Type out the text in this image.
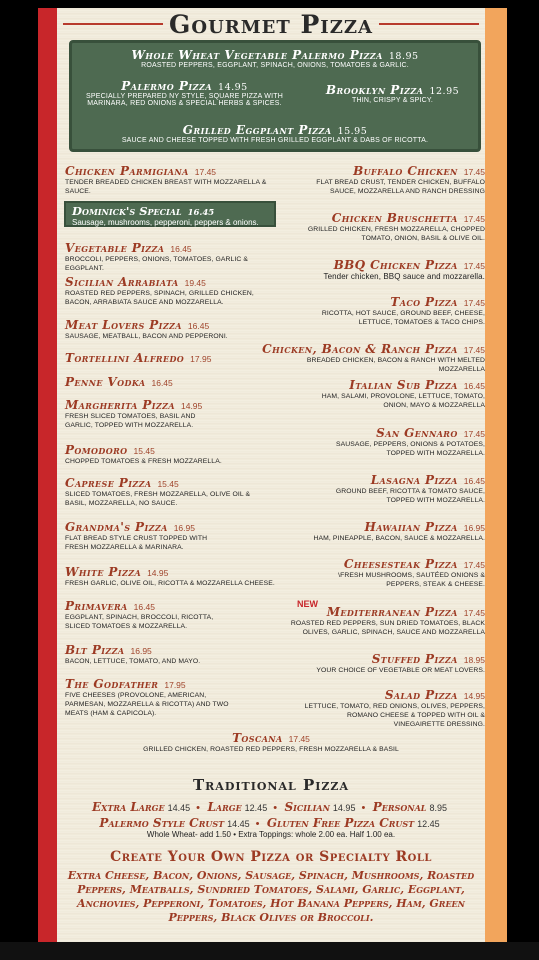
Gourmet Pizza
Whole Wheat Vegetable Palermo Pizza 18.95
ROASTED PEPPERS, EGGPLANT, SPINACH, ONIONS, TOMATOES & GARLIC.
Palermo Pizza 14.95
SPECIALLY PREPARED NY STYLE, SQUARE PIZZA WITH MARINARA, RED ONIONS & SPECIAL HERBS & SPICES.
Brooklyn Pizza 12.95
THIN, CRISPY & SPICY.
Grilled Eggplant Pizza 15.95
SAUCE AND CHEESE TOPPED WITH FRESH GRILLED EGGPLANT & DABS OF RICOTTA.
Chicken Parmigiana 17.45
TENDER BREADED CHICKEN BREAST WITH MOZZARELLA & SAUCE.
Dominick's Special 16.45
Sausage, mushrooms, pepperoni, peppers & onions.
Vegetable Pizza 16.45
BROCCOLI, PEPPERS, ONIONS, TOMATOES, GARLIC & EGGPLANT.
Sicilian Arrabiata 19.45
ROASTED RED PEPPERS, SPINACH, GRILLED CHICKEN, BACON, ARRABIATA SAUCE AND MOZZARELLA.
Meat Lovers Pizza 16.45
SAUSAGE, MEATBALL, BACON AND PEPPERONI.
Tortellini Alfredo 17.95
Penne Vodka 16.45
Margherita Pizza 14.95
FRESH SLICED TOMATOES, BASIL AND GARLIC, TOPPED WITH MOZZARELLA.
Pomodoro 15.45
CHOPPED TOMATOES & FRESH MOZZARELLA.
Caprese Pizza 15.45
SLICED TOMATOES, FRESH MOZZARELLA, OLIVE OIL & BASIL, MOZZARELLA, NO SAUCE.
Grandma's Pizza 16.95
FLAT BREAD STYLE CRUST TOPPED WITH FRESH MOZZARELLA & MARINARA.
White Pizza 14.95
FRESH GARLIC, OLIVE OIL, RICOTTA & MOZZARELLA CHEESE.
Primavera 16.45
EGGPLANT, SPINACH, BROCCOLI, RICOTTA, SLICED TOMATOES & MOZZARELLA.
Blt Pizza 16.95
BACON, LETTUCE, TOMATO, AND MAYO.
The Godfather 17.95
FIVE CHEESES (PROVOLONE, AMERICAN, PARMESAN, MOZZARELLA & RICOTTA) AND TWO MEATS (HAM & CAPICOLA).
Buffalo Chicken 17.45
FLAT BREAD CRUST, TENDER CHICKEN, BUFFALO SAUCE, MOZZARELLA AND RANCH DRESSING
Chicken Bruschetta 17.45
GRILLED CHICKEN, FRESH MOZZARELLA, CHOPPED TOMATO, ONION, BASIL & OLIVE OIL.
BBQ Chicken Pizza 17.45
Tender chicken, BBQ sauce and mozzarella.
Taco Pizza 17.45
RICOTTA, HOT SAUCE, GROUND BEEF, CHEESE, LETTUCE, TOMATOES & TACO CHIPS.
Chicken, Bacon & Ranch Pizza 17.45
BREADED CHICKEN, BACON & RANCH WITH MELTED MOZZARELLA
Italian Sub Pizza 16.45
HAM, SALAMI, PROVOLONE, LETTUCE, TOMATO, ONION, MAYO & MOZZARELLA
San Gennaro 17.45
SAUSAGE, PEPPERS, ONIONS & POTATOES, TOPPED WITH MOZZARELLA.
Lasagna Pizza 16.45
GROUND BEEF, RICOTTA & TOMATO SAUCE, TOPPED WITH MOZZARELLA.
Hawaiian Pizza 16.95
HAM, PINEAPPLE, BACON, SAUCE & MOZZARELLA.
Cheesesteak Pizza 17.45
\FRESH MUSHROOMS, SAUTÉED ONIONS & PEPPERS, STEAK & CHEESE.
NEW
Mediterranean Pizza 17.45
ROASTED RED PEPPERS, SUN DRIED TOMATOES, BLACK OLIVES, GARLIC, SPINACH, SAUCE AND MOZZARELLA
Stuffed Pizza 18.95
YOUR CHOICE OF VEGETABLE OR MEAT LOVERS.
Salad Pizza 14.95
LETTUCE, TOMATO, RED ONIONS, OLIVES, PEPPERS, ROMANO CHEESE & TOPPED WITH OIL & VINEGAIRETTE DRESSING.
Toscana 17.45
GRILLED CHICKEN, ROASTED RED PEPPERS, FRESH MOZZARELLA & BASIL
Traditional Pizza
Extra Large 14.45 • Large 12.45 • Sicilian 14.95 • Personal 8.95
Palermo Style Crust 14.45 • Gluten Free Pizza Crust 12.45
Whole Wheat- add 1.50 • Extra Toppings: whole 2.00 ea. Half 1.00 ea.
Create Your Own Pizza or Specialty Roll
Extra Cheese, Bacon, Onions, Sausage, Spinach, Mushrooms, Roasted Peppers, Meatballs, Sundried Tomatoes, Salami, Garlic, Eggplant, Anchovies, Pepperoni, Tomatoes, Hot Banana Peppers, Ham, Green Peppers, Black Olives or Broccoli.
